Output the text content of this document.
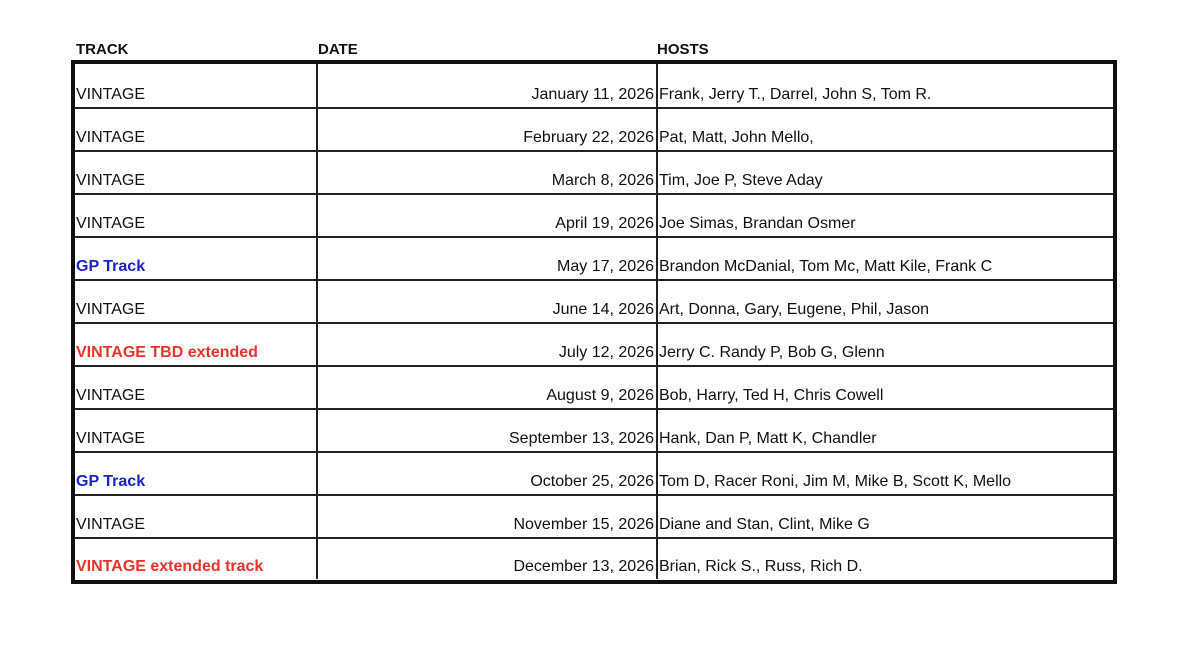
TRACK	DATE	HOSTS
VINTAGE	January 11, 2026 Frank, Jerry T., Darrel, John S, Tom R.
VINTAGE	February 22, 2026 Pat, Matt, John Mello,
VINTAGE	March 8, 2026 Tim, Joe P, Steve Aday
VINTAGE	April 19, 2026 Joe Simas, Brandan Osmer
GP Track	May 17, 2026 Brandon McDanial, Tom Mc, Matt Kile, Frank C
VINTAGE	June 14, 2026 Art, Donna, Gary, Eugene, Phil, Jason
VINTAGE TBD extended	July 12, 2026 Jerry C. Randy P, Bob G, Glenn
VINTAGE	August 9, 2026 Bob, Harry, Ted H, Chris Cowell
VINTAGE	September 13, 2026 Hank, Dan P, Matt K, Chandler
GP Track	October 25, 2026 Tom D, Racer Roni, Jim M, Mike B, Scott K, Mello
VINTAGE	November 15, 2026 Diane and Stan, Clint, Mike G
VINTAGE extended track	December 13, 2026 Brian, Rick S., Russ, Rich D.
